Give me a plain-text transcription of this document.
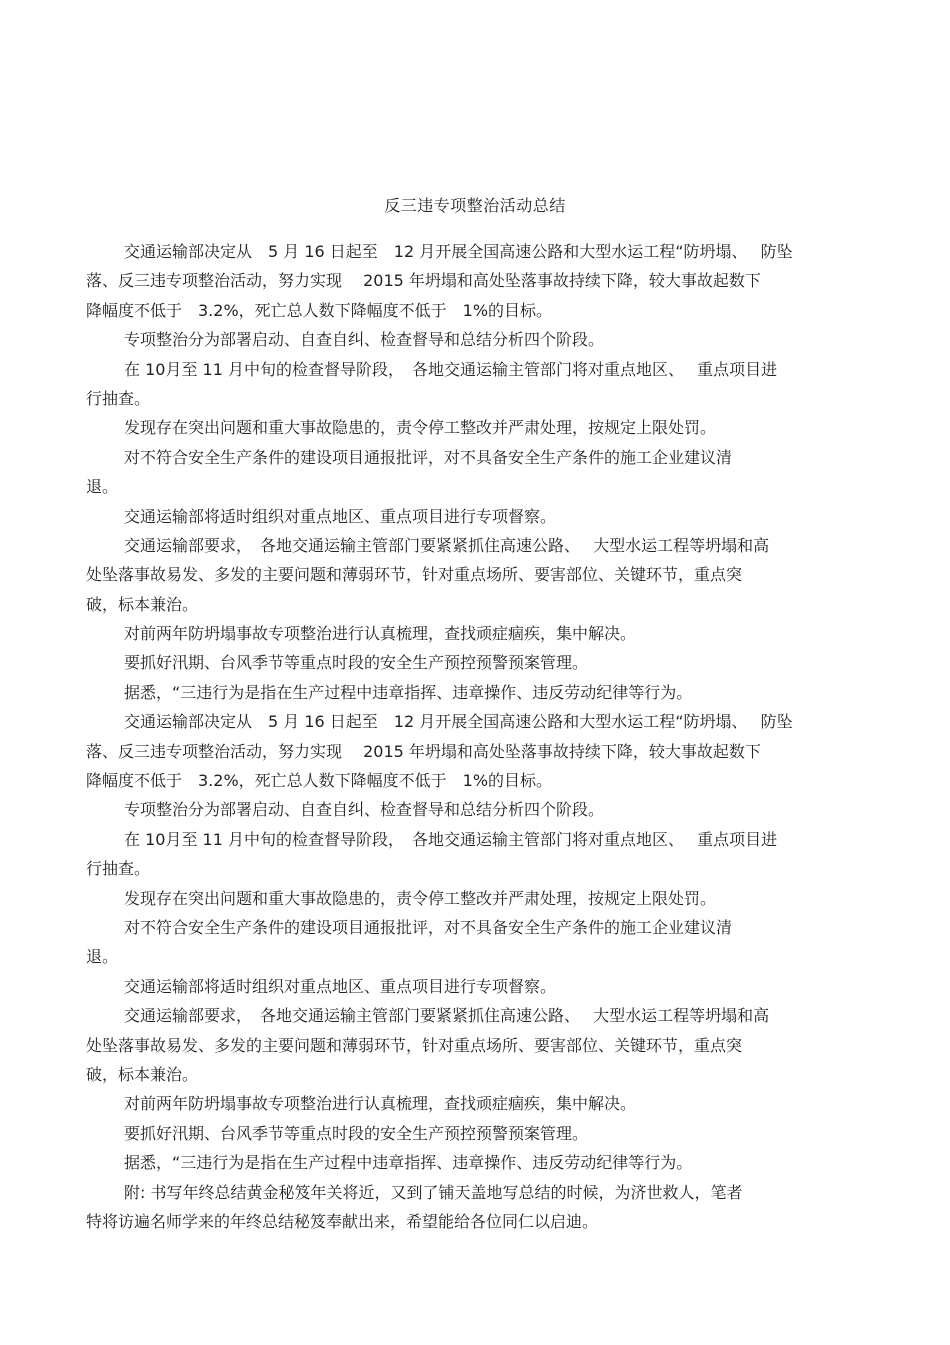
反三违专项整治活动总结
交通运输部决定从　5 月 16 日起至　12 月开展全国高速公路和大型水运工程“防坍塌、　 防坠
落、反三违专项整治活动，努力实现　 2015 年坍塌和高处坠落事故持续下降，较大事故起数下
降幅度不低于　3.2%，死亡总人数下降幅度不低于　1%的目标。
专项整治分为部署启动、自查自纠、检查督导和总结分析四个阶段。
在 10月至 11 月中旬的检查督导阶段，　各地交通运输主管部门将对重点地区、　 重点项目进
行抽查。
发现存在突出问题和重大事故隐患的，责令停工整改并严肃处理，按规定上限处罚。
对不符合安全生产条件的建设项目通报批评，对不具备安全生产条件的施工企业建议清
退。
交通运输部将适时组织对重点地区、重点项目进行专项督察。
交通运输部要求，　各地交通运输主管部门要紧紧抓住高速公路、　 大型水运工程等坍塌和高
处坠落事故易发、多发的主要问题和薄弱环节，针对重点场所、要害部位、关键环节，重点突
破，标本兼治。
对前两年防坍塌事故专项整治进行认真梳理，查找顽症痼疾，集中解决。
要抓好汛期、台风季节等重点时段的安全生产预控预警预案管理。
据悉，“三违行为是指在生产过程中违章指挥、违章操作、违反劳动纪律等行为。
交通运输部决定从　5 月 16 日起至　12 月开展全国高速公路和大型水运工程“防坍塌、　 防坠
落、反三违专项整治活动，努力实现　 2015 年坍塌和高处坠落事故持续下降，较大事故起数下
降幅度不低于　3.2%，死亡总人数下降幅度不低于　1%的目标。
专项整治分为部署启动、自查自纠、检查督导和总结分析四个阶段。
在 10月至 11 月中旬的检查督导阶段，　各地交通运输主管部门将对重点地区、　 重点项目进
行抽查。
发现存在突出问题和重大事故隐患的，责令停工整改并严肃处理，按规定上限处罚。
对不符合安全生产条件的建设项目通报批评，对不具备安全生产条件的施工企业建议清
退。
交通运输部将适时组织对重点地区、重点项目进行专项督察。
交通运输部要求，　各地交通运输主管部门要紧紧抓住高速公路、　 大型水运工程等坍塌和高
处坠落事故易发、多发的主要问题和薄弱环节，针对重点场所、要害部位、关键环节，重点突
破，标本兼治。
对前两年防坍塌事故专项整治进行认真梳理，查找顽症痼疾，集中解决。
要抓好汛期、台风季节等重点时段的安全生产预控预警预案管理。
据悉，“三违行为是指在生产过程中违章指挥、违章操作、违反劳动纪律等行为。
附: 书写年终总结黄金秘笈年关将近，又到了铺天盖地写总结的时候，为济世救人，笔者
特将访遍名师学来的年终总结秘笈奉献出来，希望能给各位同仁以启迪。
